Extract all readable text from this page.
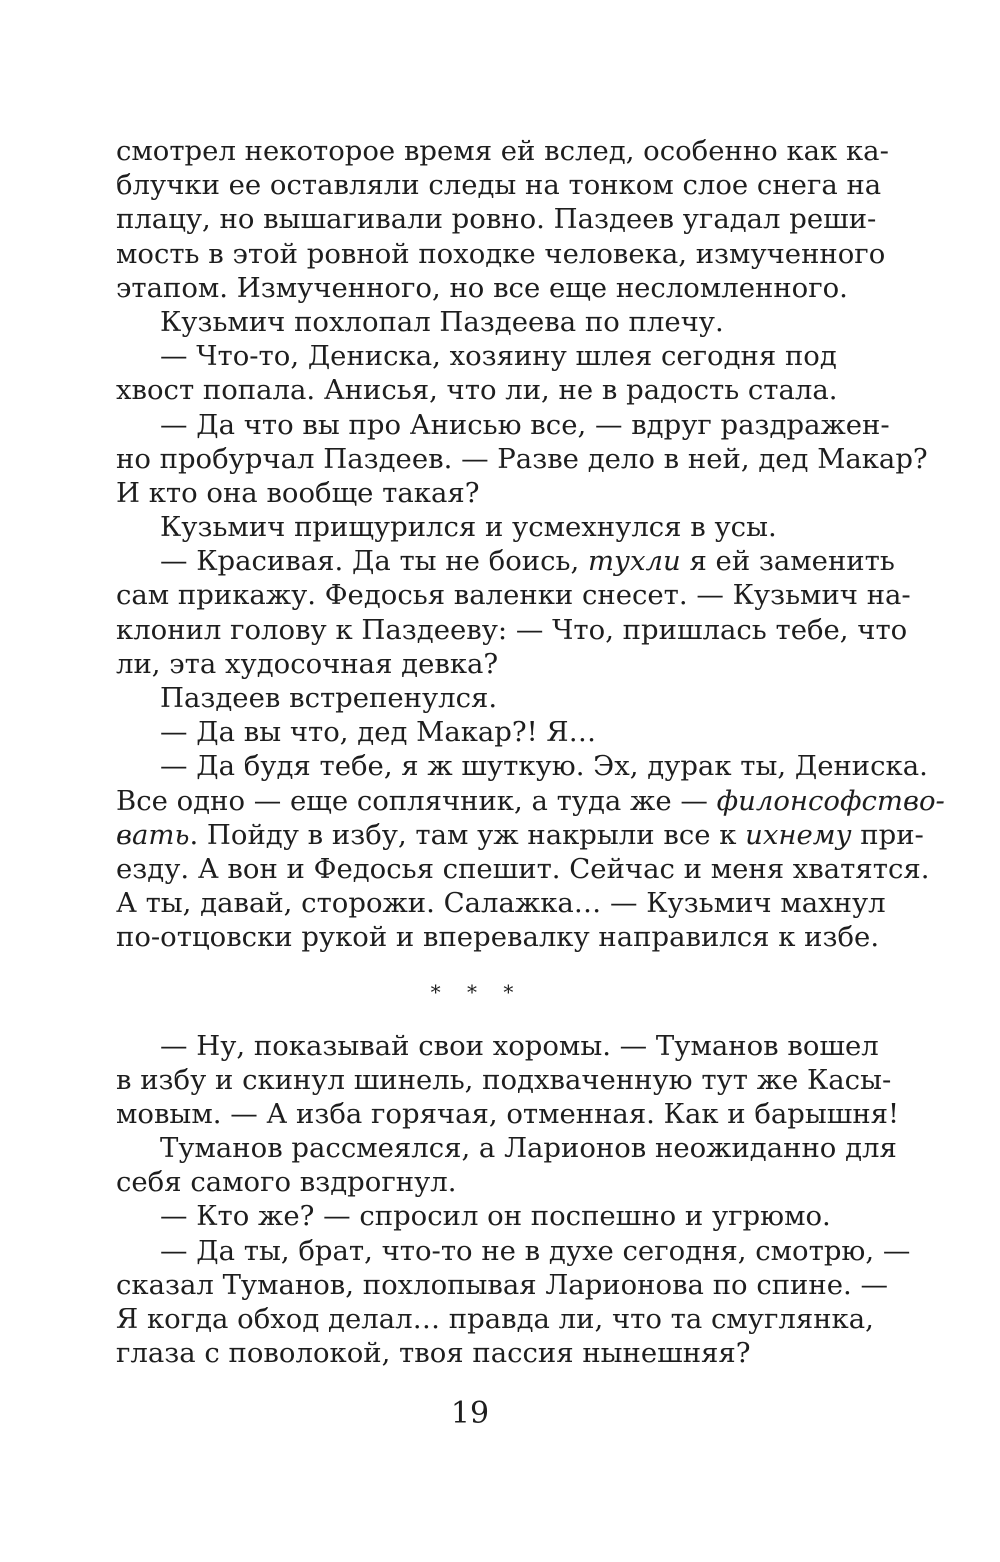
смотрел некоторое время ей вслед, особенно как ка-
блучки ее оставляли следы на тонком слое снега на
плацу, но вышагивали ровно. Паздеев угадал реши-
мость в этой ровной походке человека, измученного
этапом. Измученного, но все еще несломленного.
Кузьмич похлопал Паздеева по плечу.
— Что-то, Дениска, хозяину шлея сегодня под
хвост попала. Анисья, что ли, не в радость стала.
— Да что вы про Анисью все, — вдруг раздражен-
но пробурчал Паздеев. — Разве дело в ней, дед Макар?
И кто она вообще такая?
Кузьмич прищурился и усмехнулся в усы.
— Красивая. Да ты не боись, тухли я ей заменить
сам прикажу. Федосья валенки снесет. — Кузьмич на-
клонил голову к Паздееву: — Что, пришлась тебе, что
ли, эта худосочная девка?
Паздеев встрепенулся.
— Да вы что, дед Макар?! Я…
— Да будя тебе, я ж шуткую. Эх, дурак ты, Дениска.
Все одно — еще соплячник, а туда же — филонсофство-
вать. Пойду в избу, там уж накрыли все к ихнему при-
езду. А вон и Федосья спешит. Сейчас и меня хватятся.
А ты, давай, сторожи. Салажка… — Кузьмич махнул
по-отцовски рукой и вперевалку направился к избе.
* * *
— Ну, показывай свои хоромы. — Туманов вошел
в избу и скинул шинель, подхваченную тут же Касы-
мовым. — А изба горячая, отменная. Как и барышня!
Туманов рассмеялся, а Ларионов неожиданно для
себя самого вздрогнул.
— Кто же? — спросил он поспешно и угрюмо.
— Да ты, брат, что-то не в духе сегодня, смотрю, —
сказал Туманов, похлопывая Ларионова по спине. —
Я когда обход делал… правда ли, что та смуглянка,
глаза с поволокой, твоя пассия нынешняя?
19
